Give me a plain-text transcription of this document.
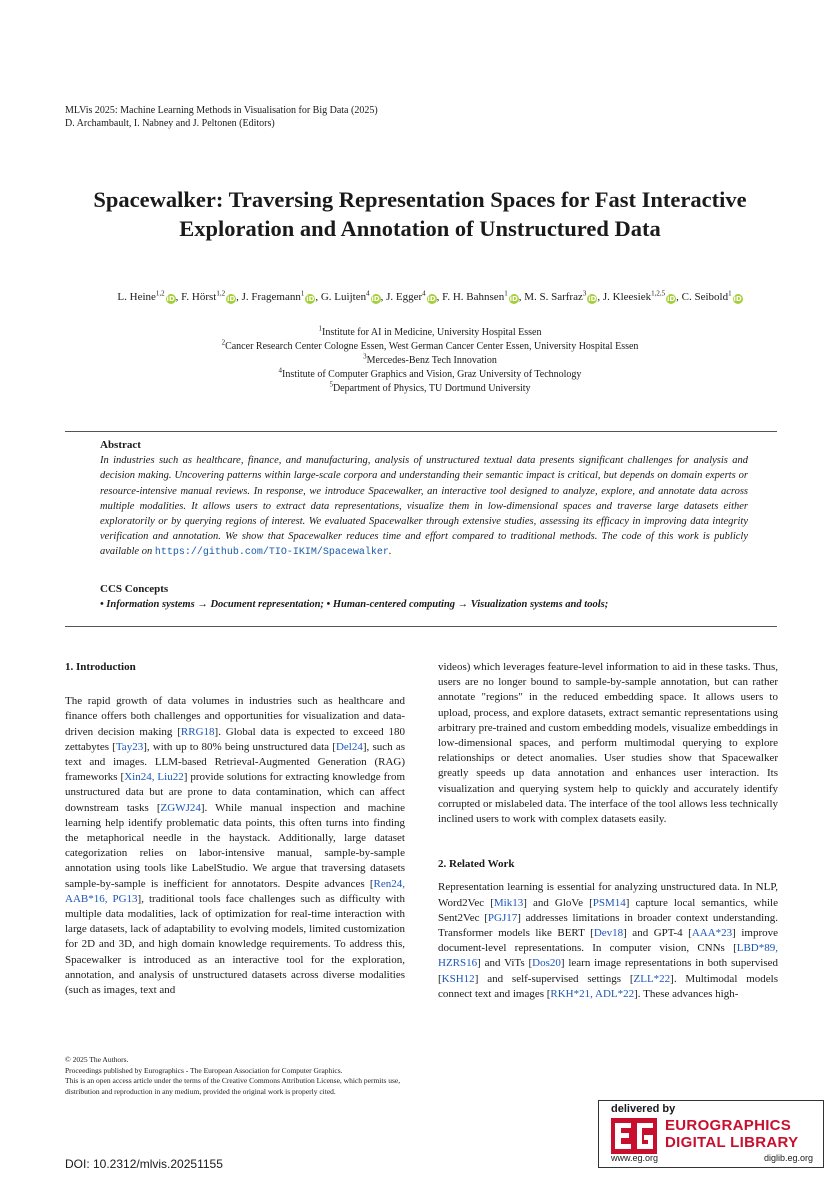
MLVis 2025: Machine Learning Methods in Visualisation for Big Data (2025)
D. Archambault, I. Nabney and J. Peltonen (Editors)
Spacewalker: Traversing Representation Spaces for Fast Interactive
Exploration and Annotation of Unstructured Data
L. Heine$^{1,2}$iD, F. Hörst$^{1,2}$iD, J. Fragemann$^1$iD, G. Luijten$^4$iD, J. Egger$^4$iD, F. H. Bahnsen$^1$iD, M. S. Sarfraz$^3$iD, J. Kleesiek$^{1,2,5}$iD, C. Seibold$^1$iD
$^1$Institute for AI in Medicine, University Hospital Essen
$^2$Cancer Research Center Cologne Essen, West German Cancer Center Essen, University Hospital Essen
$^3$Mercedes-Benz Tech Innovation
$^4$Institute of Computer Graphics and Vision, Graz University of Technology
$^5$Department of Physics, TU Dortmund University
Abstract
In industries such as healthcare, finance, and manufacturing, analysis of unstructured textual data presents significant challenges for analysis and decision making. Uncovering patterns within large-scale corpora and understanding their semantic impact is critical, but depends on domain experts or resource-intensive manual reviews. In response, we introduce Spacewalker, an interactive tool designed to analyze, explore, and annotate data across multiple modalities. It allows users to extract data representations, visualize them in low-dimensional spaces and traverse large datasets either exploratorily or by querying regions of interest. We evaluated Spacewalker through extensive studies, assessing its efficacy in improving data integrity verification and annotation. We show that Spacewalker reduces time and effort compared to traditional methods. The code of this work is publicly available on https://github.com/TIO-IKIM/Spacewalker.
CCS Concepts
• Information systems → Document representation; • Human-centered computing → Visualization systems and tools;

1. Introduction

The rapid growth of data volumes in industries such as healthcare and finance offers both challenges and opportunities for visualization and data-driven decision making [RRG18]. Global data is expected to exceed 180 zettabytes [Tay23], with up to 80% being unstructured data [Del24], such as text and images. LLM-based Retrieval-Augmented Generation (RAG) frameworks [Xin24, Liu22] provide solutions for extracting knowledge from unstructured data but are prone to data contamination, which can affect downstream tasks [ZGWJ24]. While manual inspection and machine learning help identify problematic data points, this often turns into finding the metaphorical needle in the haystack. Additionally, large dataset categorization relies on labor-intensive manual, sample-by-sample annotation using tools like LabelStudio. We argue that traversing datasets sample-by-sample is inefficient for annotators. Despite advances [Ren24, AAB*16, PG13], traditional tools face challenges such as difficulty with multiple data modalities, lack of optimization for real-time interaction with large datasets, lack of adaptability to evolving models, limited customization for 2D and 3D, and high domain knowledge requirements. To address this, Spacewalker is introduced as an interactive tool for the exploration, annotation, and analysis of unstructured datasets across diverse modalities (such as images, text and

videos) which leverages feature-level information to aid in these tasks. Thus, users are no longer bound to sample-by-sample annotation, but can rather annotate "regions" in the reduced embedding space. It allows users to upload, process, and explore datasets, extract semantic representations using arbitrary pre-trained and custom embedding models, visualize embeddings in low-dimensional spaces, and perform multimodal querying to explore relationships or detect anomalies. User studies show that Spacewalker greatly speeds up data annotation and enhances user interaction. Its visualization and querying system help to quickly and accurately identify corrupted or mislabeled data. The interface of the tool allows less technically inclined users to work with complex datasets easily.

2. Related Work

Representation learning is essential for analyzing unstructured data. In NLP, Word2Vec [Mik13] and GloVe [PSM14] capture local semantics, while Sent2Vec [PGJ17] addresses limitations in broader context understanding. Transformer models like BERT [Dev18] and GPT-4 [AAA*23] improve document-level representations. In computer vision, CNNs [LBD*89, HZRS16] and ViTs [Dos20] learn image representations in both supervised [KSH12] and self-supervised settings [ZLL*22]. Multimodal models connect text and images [RKH*21, ADL*22]. These advances high-

© 2025 The Authors.
Proceedings published by Eurographics - The European Association for Computer Graphics.
This is an open access article under the terms of the Creative Commons Attribution License, which permits use, distribution and reproduction in any medium, provided the original work is properly cited.
DOI: 10.2312/mlvis.20251155
delivered by
EUROGRAPHICS
DIGITAL LIBRARY
www.eg.org	diglib.eg.org
